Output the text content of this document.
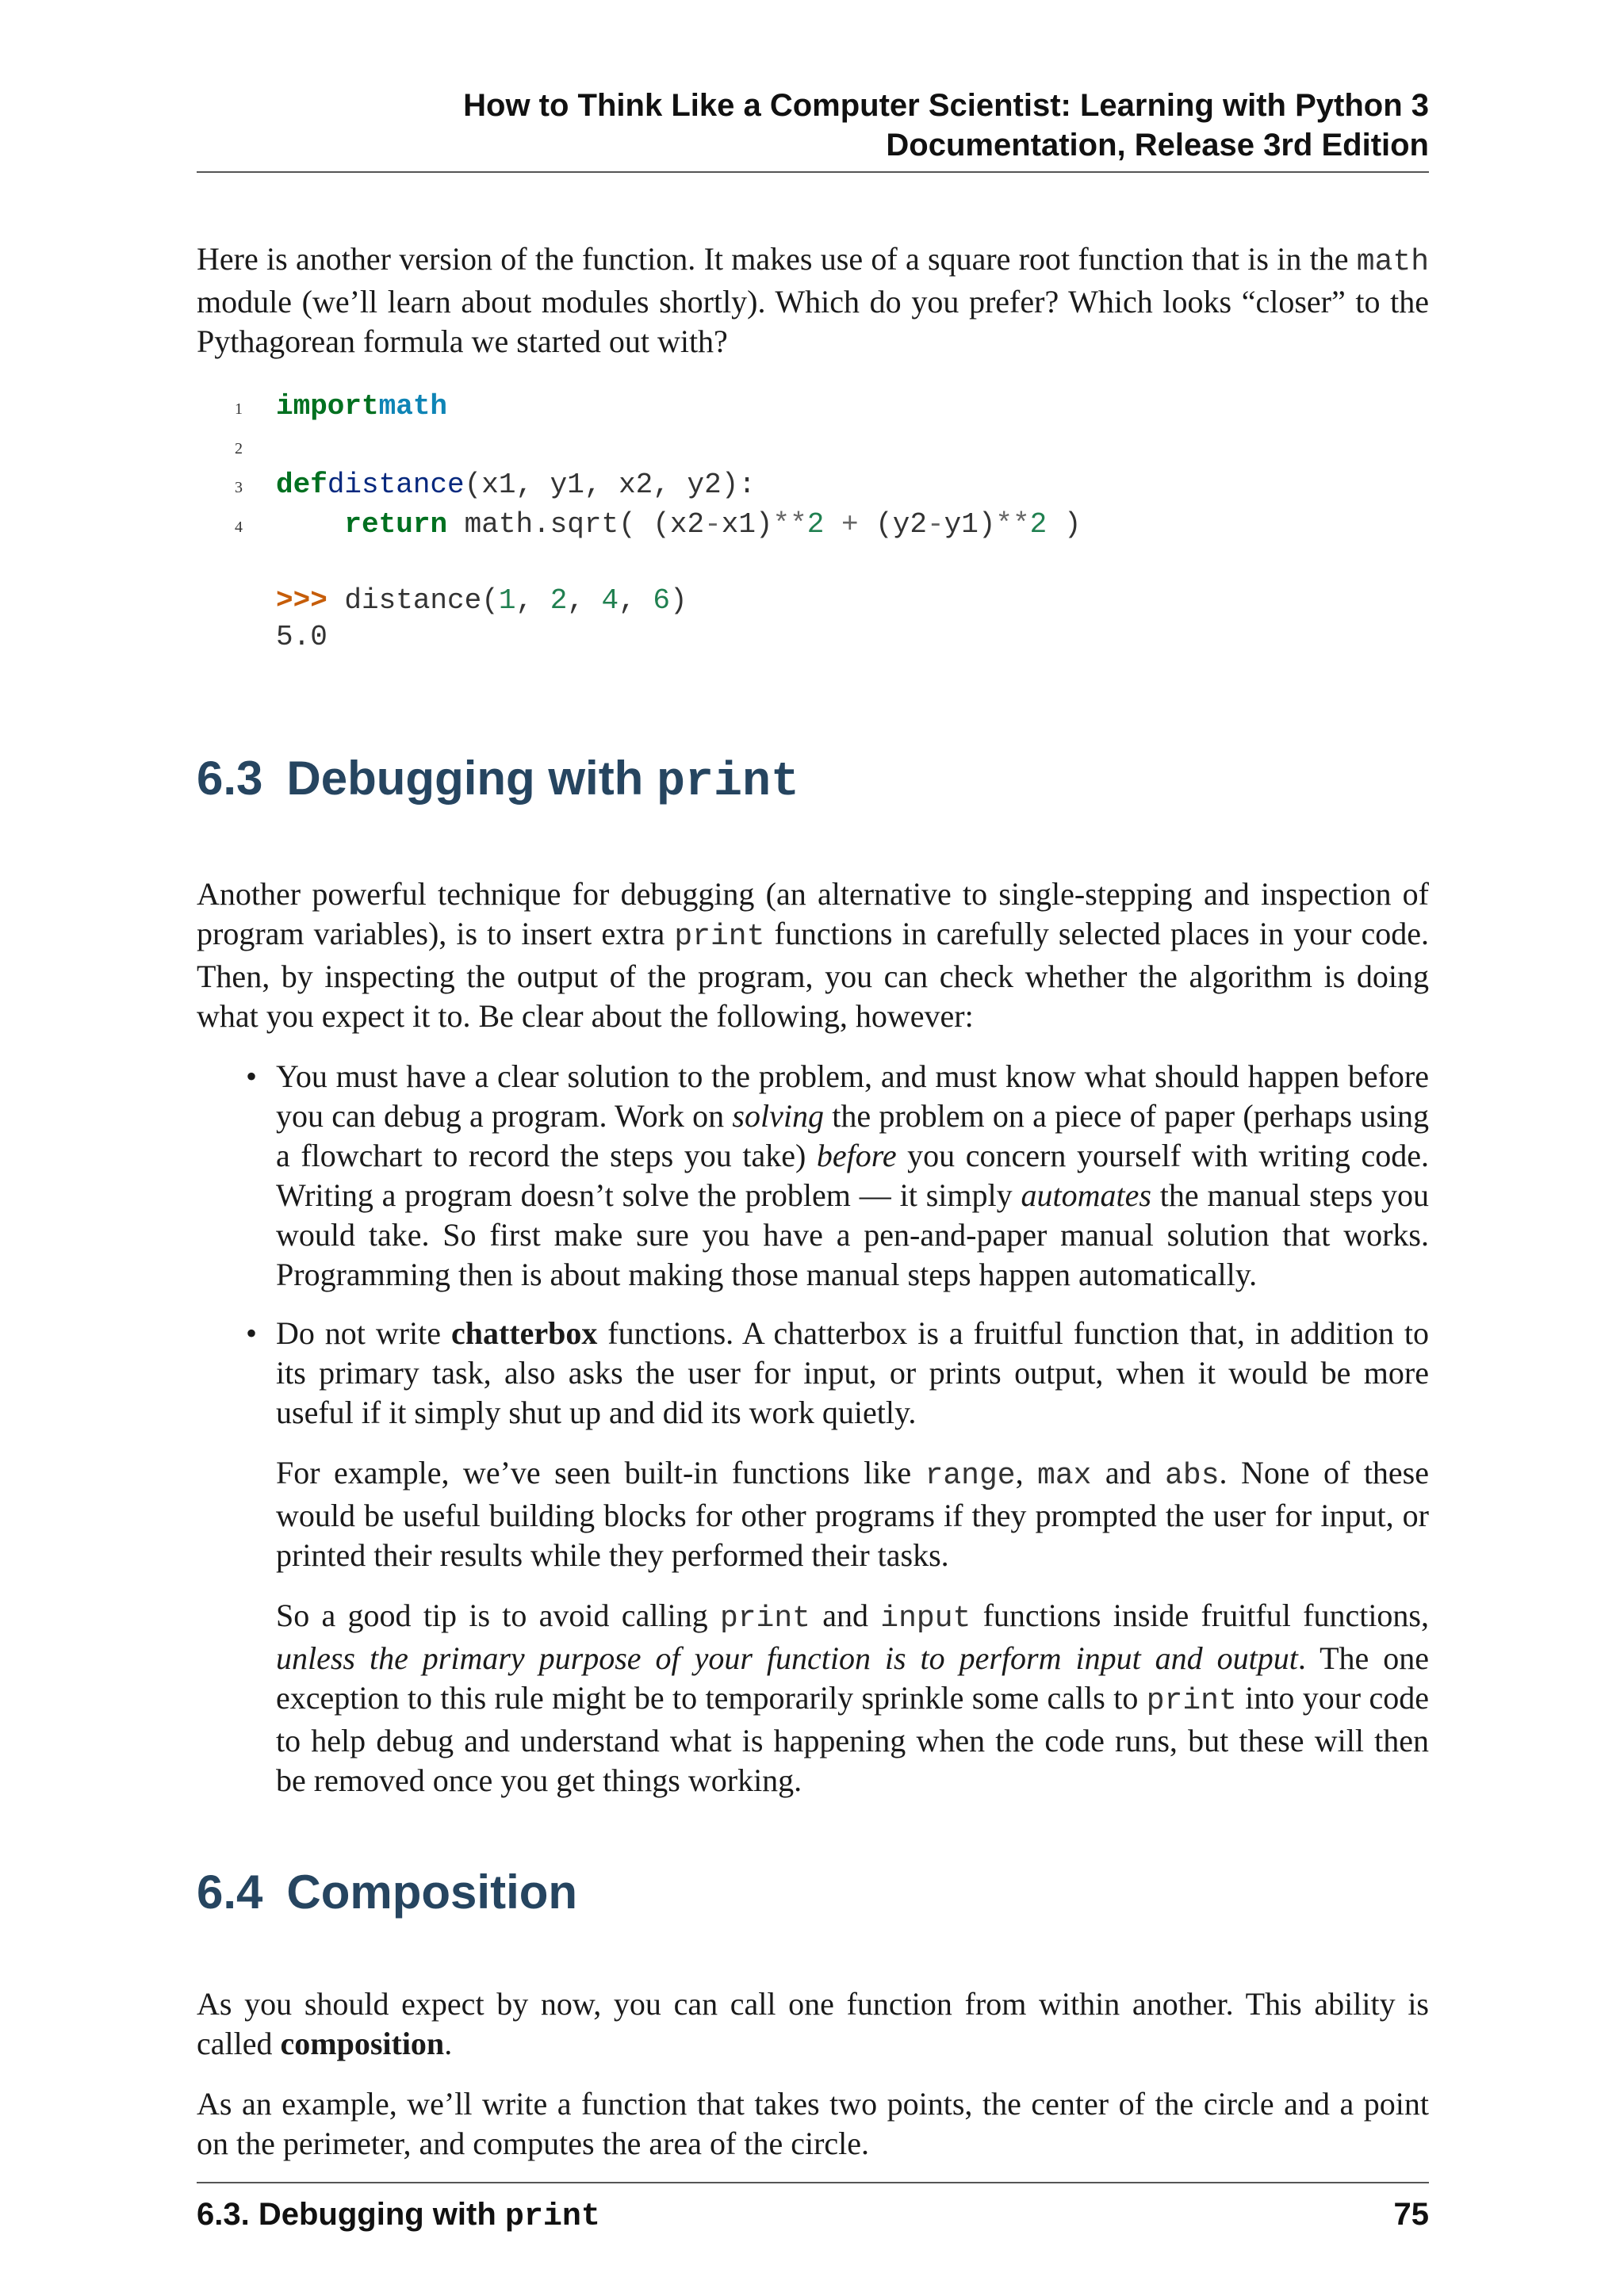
How to Think Like a Computer Scientist: Learning with Python 3
Documentation, Release 3rd Edition

Here is another version of the function. It makes use of a square root function that is in the math module (we’ll learn about modules shortly). Which do you prefer? Which looks “closer” to the Pythagorean formula we started out with?

1	import math
2

3	def distance (x1, y1, x2, y2):
4
	return math.sqrt( (x2 - x1) ** 2
+ (y2 - y1) ** 2 )
>>> distance( 1 , 2 , 4 , 6 )
5.0
6.3 Debugging with print

Another powerful technique for debugging (an alternative to single-stepping and inspection of program variables), is to insert extra print functions in carefully selected places in your code. Then, by inspecting the output of the program, you can check whether the algorithm is doing what you expect it to. Be clear about the following, however:

• You must have a clear solution to the problem, and must know what should happen before you can debug a program. Work on solving the problem on a piece of paper (perhaps using a flowchart to record the steps you take) before you concern yourself with writing code. Writing a program doesn’t solve the problem — it simply automates the manual steps you would take. So first make sure you have a pen-and-paper manual solution that works. Programming then is about making those manual steps happen automatically.

• Do not write chatterbox functions. A chatterbox is a fruitful function that, in addition to its primary task, also asks the user for input, or prints output, when it would be more useful if it simply shut up and did its work quietly.

For example, we’ve seen built-in functions like range, max and abs. None of these would be useful building blocks for other programs if they prompted the user for input, or printed their results while they performed their tasks.

So a good tip is to avoid calling print and input functions inside fruitful functions, unless the primary purpose of your function is to perform input and output. The one exception to this rule might be to temporarily sprinkle some calls to print into your code to help debug and understand what is happening when the code runs, but these will then be removed once you get things working.

6.4 Composition

As you should expect by now, you can call one function from within another. This ability is called composition.

As an example, we’ll write a function that takes two points, the center of the circle and a point on the perimeter, and computes the area of the circle.

6.3. Debugging with print	75
